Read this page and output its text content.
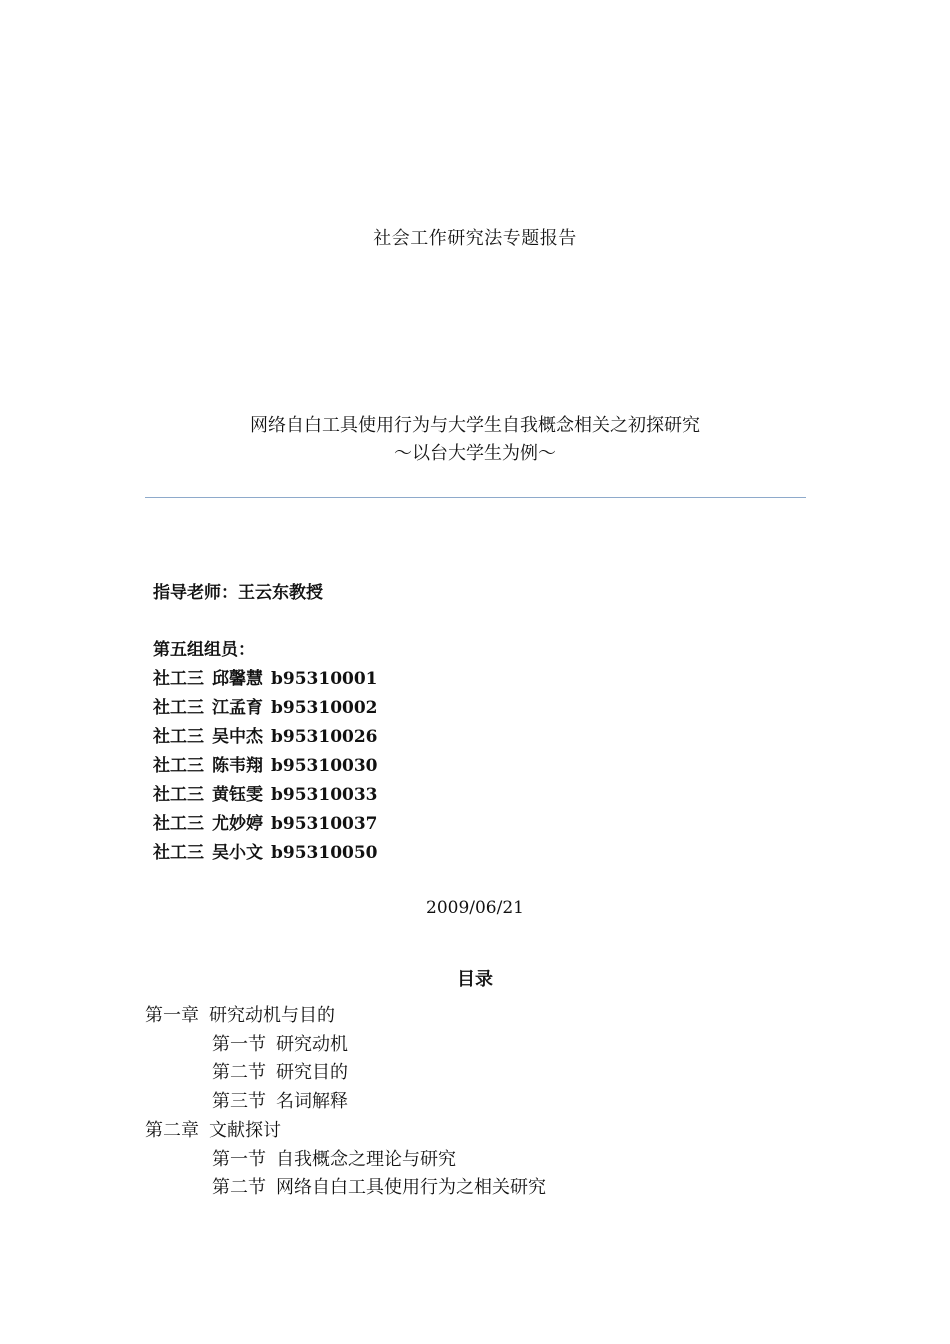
社会工作研究法专题报告
网络自白工具使用行为与大学生自我概念相关之初探研究
～以台大学生为例～
指导老师：王云东教授
第五组组员：
社工三 邱馨慧 b95310001
社工三 江孟育 b95310002
社工三 吴中杰 b95310026
社工三 陈韦翔 b95310030
社工三 黄钰雯 b95310033
社工三 尤妙婷 b95310037
社工三 吴小文 b95310050
2009/06/21
目录
第一章 研究动机与目的
第一节 研究动机
第二节 研究目的
第三节 名词解释
第二章 文献探讨
第一节 自我概念之理论与研究
第二节 网络自白工具使用行为之相关研究
